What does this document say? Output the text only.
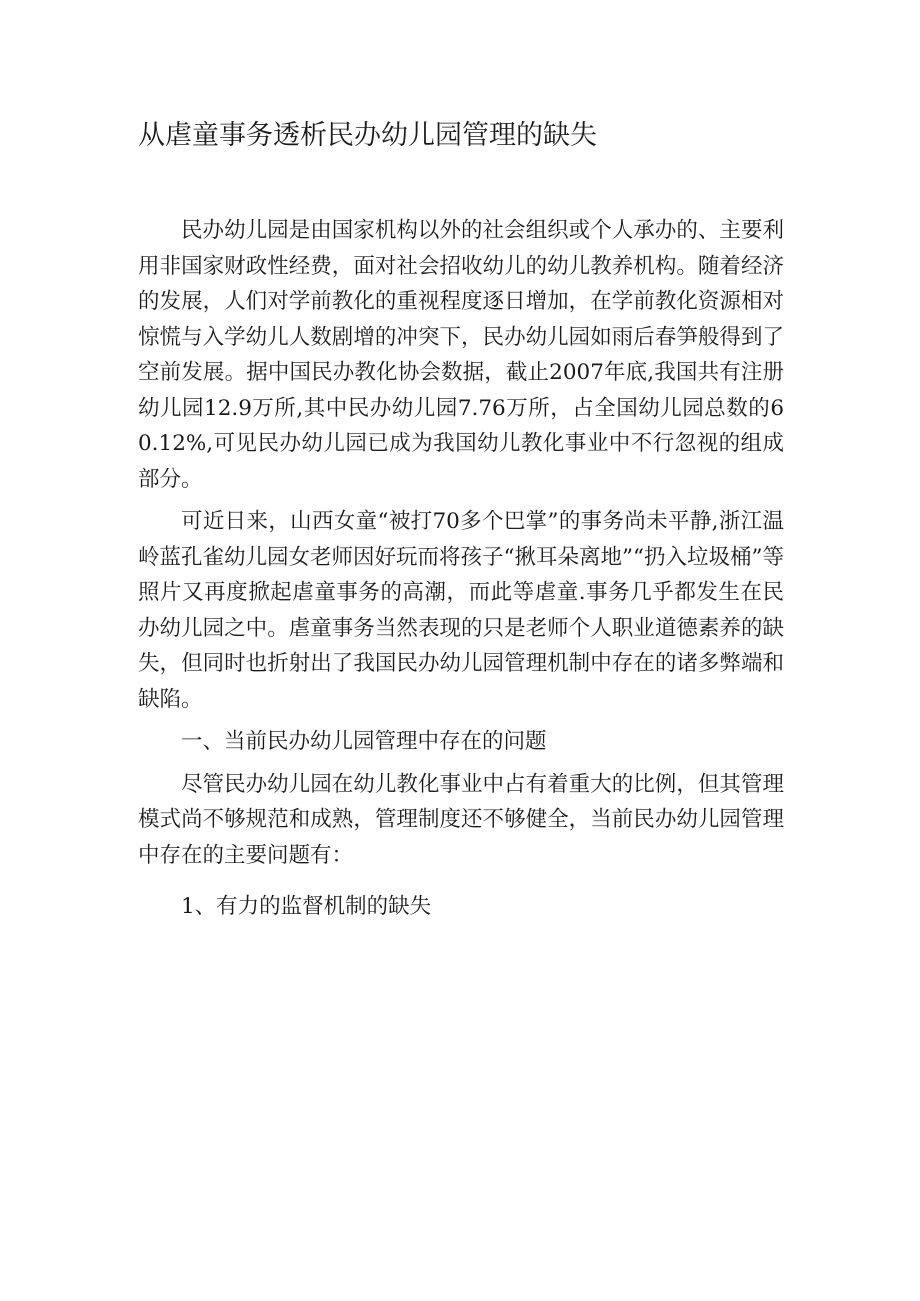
从虐童事务透析民办幼儿园管理的缺失

民办幼儿园是由国家机构以外的社会组织或个人承办的、主要利用非国家财政性经费，面对社会招收幼儿的幼儿教养机构。随着经济的发展，人们对学前教化的重视程度逐日增加，在学前教化资源相对惊慌与入学幼儿人数剧增的冲突下，民办幼儿园如雨后春笋般得到了空前发展。据中国民办教化协会数据，截止2007年底,我国共有注册幼儿园12.9万所,其中民办幼儿园7.76万所，占全国幼儿园总数的60.12%,可见民办幼儿园已成为我国幼儿教化事业中不行忽视的组成部分。

可近日来，山西女童“被打70多个巴掌”的事务尚未平静,浙江温岭蓝孔雀幼儿园女老师因好玩而将孩子“揪耳朵离地”“扔入垃圾桶”等照片又再度掀起虐童事务的高潮，而此等虐童.事务几乎都发生在民办幼儿园之中。虐童事务当然表现的只是老师个人职业道德素养的缺失，但同时也折射出了我国民办幼儿园管理机制中存在的诸多弊端和缺陷。

一、当前民办幼儿园管理中存在的问题

尽管民办幼儿园在幼儿教化事业中占有着重大的比例，但其管理模式尚不够规范和成熟，管理制度还不够健全，当前民办幼儿园管理中存在的主要问题有：

1、有力的监督机制的缺失
